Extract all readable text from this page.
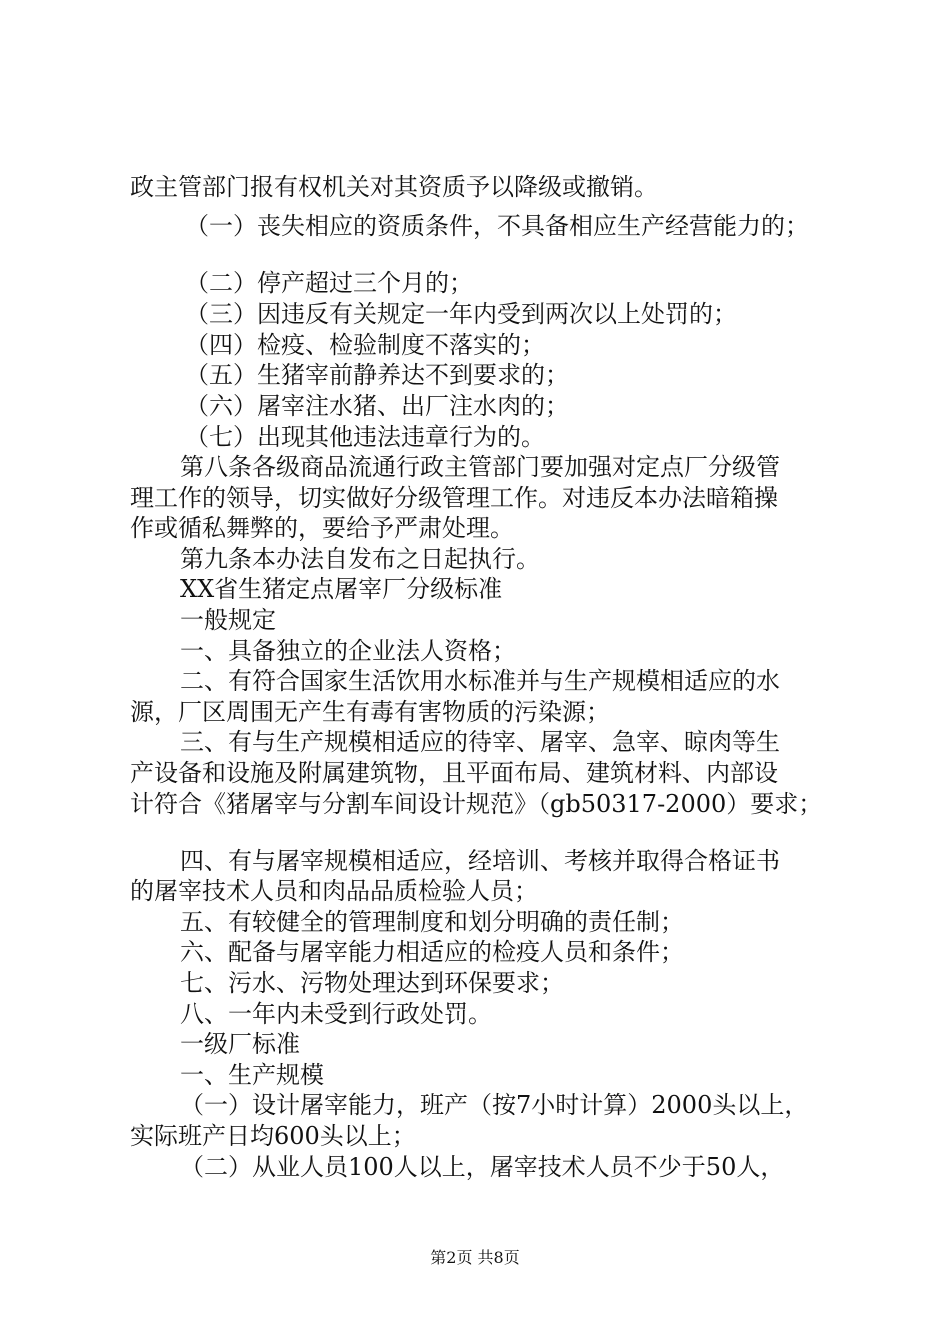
政主管部门报有权机关对其资质予以降级或撤销。
（一）丧失相应的资质条件，不具备相应生产经营能力的；
（二）停产超过三个月的；
（三）因违反有关规定一年内受到两次以上处罚的；
（四）检疫、检验制度不落实的；
（五）生猪宰前静养达不到要求的；
（六）屠宰注水猪、出厂注水肉的；
（七）出现其他违法违章行为的。
第八条各级商品流通行政主管部门要加强对定点厂分级管
理工作的领导，切实做好分级管理工作。对违反本办法暗箱操
作或循私舞弊的，要给予严肃处理。
第九条本办法自发布之日起执行。
XX省生猪定点屠宰厂分级标准
一般规定
一、具备独立的企业法人资格；
二、有符合国家生活饮用水标准并与生产规模相适应的水
源，厂区周围无产生有毒有害物质的污染源；
三、有与生产规模相适应的待宰、屠宰、急宰、晾肉等生
产设备和设施及附属建筑物，且平面布局、建筑材料、内部设
计符合《猪屠宰与分割车间设计规范》（gb50317-2000）要求；
四、有与屠宰规模相适应，经培训、考核并取得合格证书
的屠宰技术人员和肉品品质检验人员；
五、有较健全的管理制度和划分明确的责任制；
六、配备与屠宰能力相适应的检疫人员和条件；
七、污水、污物处理达到环保要求；
八、一年内未受到行政处罚。
一级厂标准
一、生产规模
（一）设计屠宰能力，班产（按7小时计算）2000头以上，
实际班产日均600头以上；
（二）从业人员100人以上，屠宰技术人员不少于50人，
第2页 共8页
